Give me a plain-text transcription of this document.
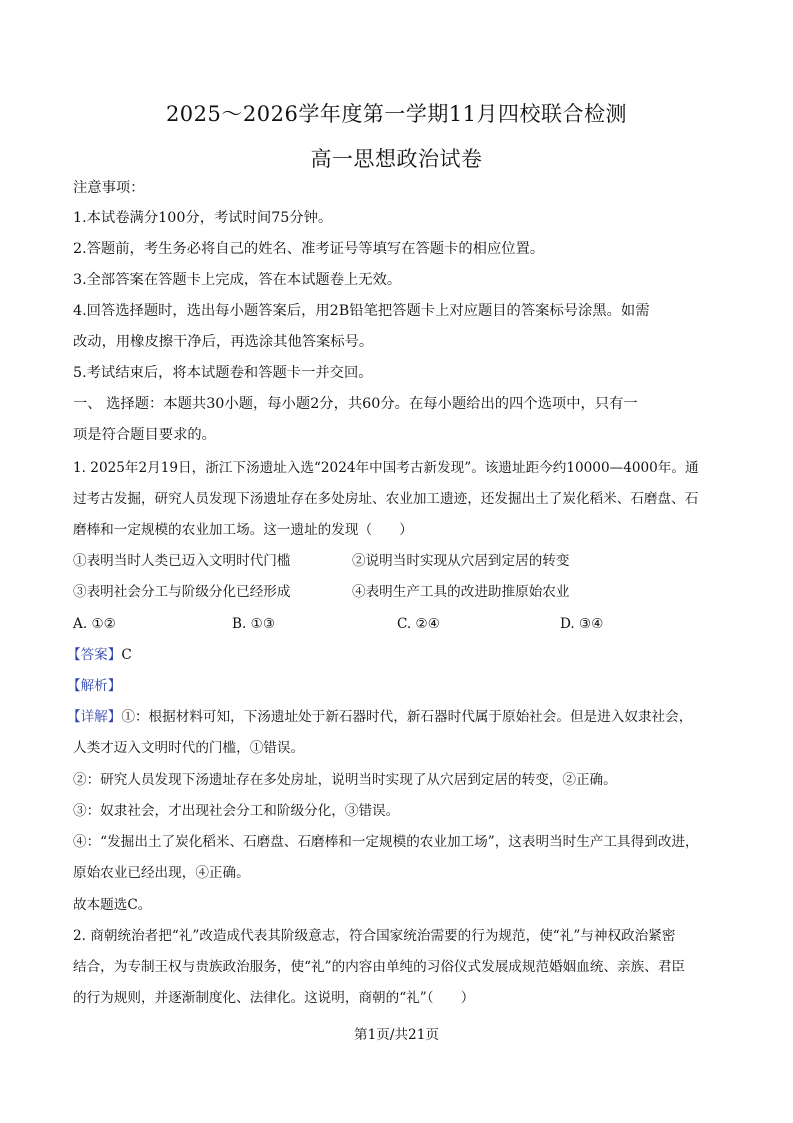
2025～2026学年度第一学期11月四校联合检测
高一思想政治试卷
注意事项：
1.本试卷满分100分，考试时间75分钟。
2.答题前，考生务必将自己的姓名、准考证号等填写在答题卡的相应位置。
3.全部答案在答题卡上完成，答在本试题卷上无效。
4.回答选择题时，选出每小题答案后，用2B铅笔把答题卡上对应题目的答案标号涂黑。如需
改动，用橡皮擦干净后，再选涂其他答案标号。
5.考试结束后，将本试题卷和答题卡一并交回。
一、 选择题：本题共30小题，每小题2分，共60分。在每小题给出的四个选项中，只有一
项是符合题目要求的。
1. 2025年2月19日，浙江下汤遗址入选“2024年中国考古新发现”。该遗址距今约10000—4000年。通
过考古发掘，研究人员发现下汤遗址存在多处房址、农业加工遗迹，还发掘出土了炭化稻米、石磨盘、石
磨棒和一定规模的农业加工场。这一遗址的发现（　　）
①表明当时人类已迈入文明时代门槛	②说明当时实现从穴居到定居的转变
③表明社会分工与阶级分化已经形成	④表明生产工具的改进助推原始农业
A. ①②	B. ①③	C. ②④	D. ③④
【答案】C
【解析】
【详解】①：根据材料可知，下汤遗址处于新石器时代，新石器时代属于原始社会。但是进入奴隶社会，
人类才迈入文明时代的门槛，①错误。
②：研究人员发现下汤遗址存在多处房址，说明当时实现了从穴居到定居的转变，②正确。
③：奴隶社会，才出现社会分工和阶级分化，③错误。
④：“发掘出土了炭化稻米、石磨盘、石磨棒和一定规模的农业加工场”，这表明当时生产工具得到改进，
原始农业已经出现，④正确。
故本题选C。
2. 商朝统治者把“礼”改造成代表其阶级意志，符合国家统治需要的行为规范，使“礼”与神权政治紧密
结合，为专制王权与贵族政治服务，使“礼”的内容由单纯的习俗仪式发展成规范婚姻血统、亲族、君臣
的行为规则，并逐渐制度化、法律化。这说明，商朝的“礼”（　　）
第1页/共21页
